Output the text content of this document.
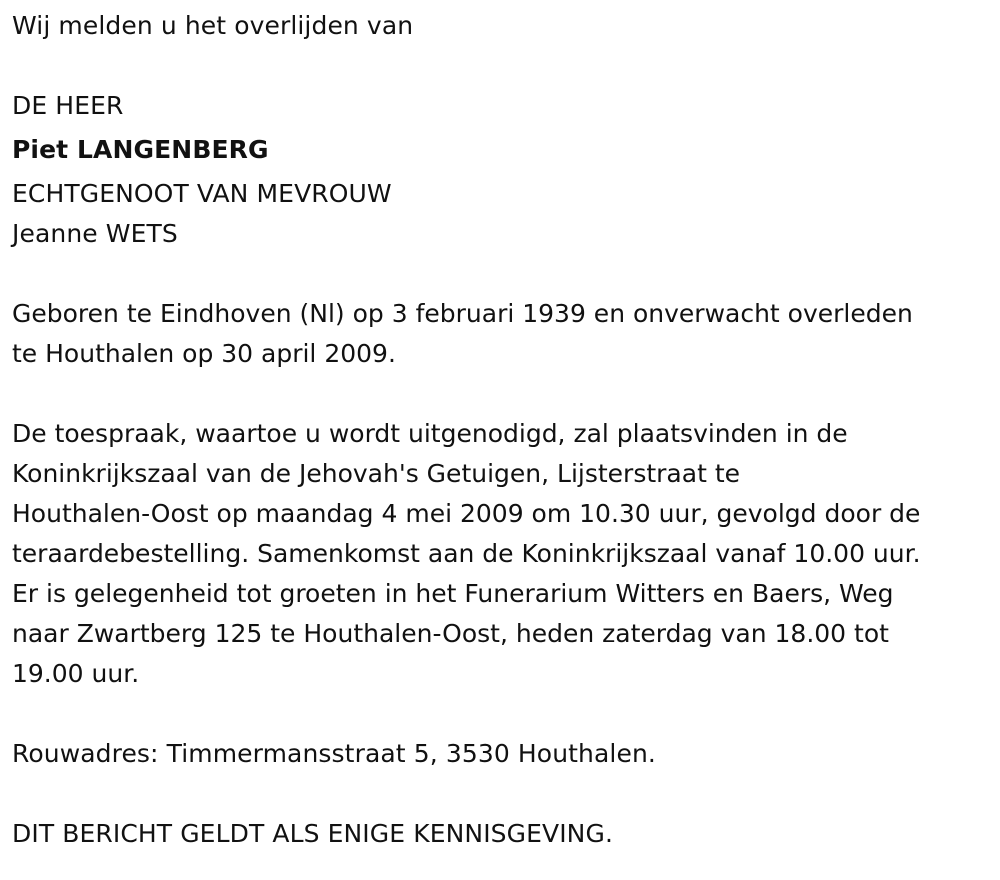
Wij melden u het overlijden van
DE HEER
Piet LANGENBERG
ECHTGENOOT VAN MEVROUW
Jeanne WETS
Geboren te Eindhoven (Nl) op 3 februari 1939 en onverwacht overleden
te Houthalen op 30 april 2009.
De toespraak, waartoe u wordt uitgenodigd, zal plaatsvinden in de
Koninkrijkszaal van de Jehovah's Getuigen, Lijsterstraat te
Houthalen-Oost op maandag 4 mei 2009 om 10.30 uur, gevolgd door de
teraardebestelling. Samenkomst aan de Koninkrijkszaal vanaf 10.00 uur.
Er is gelegenheid tot groeten in het Funerarium Witters en Baers, Weg
naar Zwartberg 125 te Houthalen-Oost, heden zaterdag van 18.00 tot
19.00 uur.
Rouwadres: Timmermansstraat 5, 3530 Houthalen.
DIT BERICHT GELDT ALS ENIGE KENNISGEVING.
